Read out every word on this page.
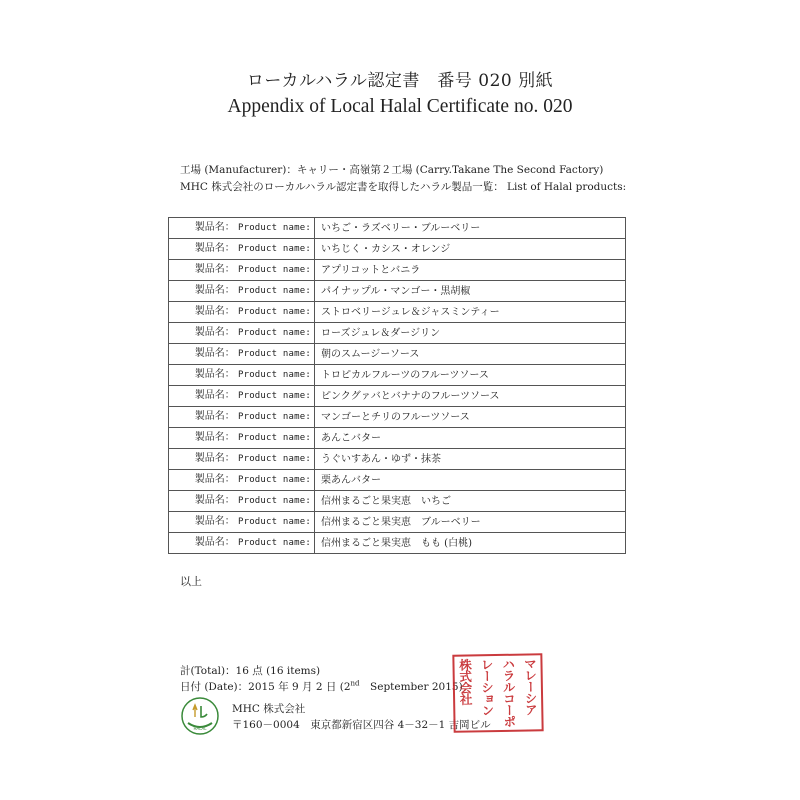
ローカルハラル認定書　番号 020 別紙
Appendix of Local Halal Certificate no. 020
工場 (Manufacturer)：キャリー・高嶺第２工場 (Carry.Takane The Second Factory)
MHC 株式会社のローカルハラル認定書を取得したハラル製品一覧： List of Halal products:
製品名： Product name:	いちご・ラズベリー・ブルーベリー
製品名： Product name:	いちじく・カシス・オレンジ
製品名： Product name:	アプリコットとバニラ
製品名： Product name:	パイナップル・マンゴー・黒胡椒
製品名： Product name:	ストロベリージュレ＆ジャスミンティー
製品名： Product name:	ローズジュレ＆ダージリン
製品名： Product name:	朝のスムージーソース
製品名： Product name:	トロピカルフルーツのフルーツソース
製品名： Product name:	ピンクグァバとバナナのフルーツソース
製品名： Product name:	マンゴーとチリのフルーツソース
製品名： Product name:	あんこバター
製品名： Product name:	うぐいすあん・ゆず・抹茶
製品名： Product name:	栗あんバター
製品名： Product name:	信州まるごと果実恵　いちご
製品名： Product name:	信州まるごと果実恵　ブルーベリー
製品名： Product name:	信州まるごと果実恵　もも (白桃)
以上
計(Total)：16 点 (16 items)
日付 (Date)：2015 年 9 月 2 日 (2nd　September 2015)
HALAL
MHC 株式会社
〒160－0004　東京都新宿区四谷 4－32－1 吉岡ビル
マレーシア
ハラルコーポ
レーション
株式会社
